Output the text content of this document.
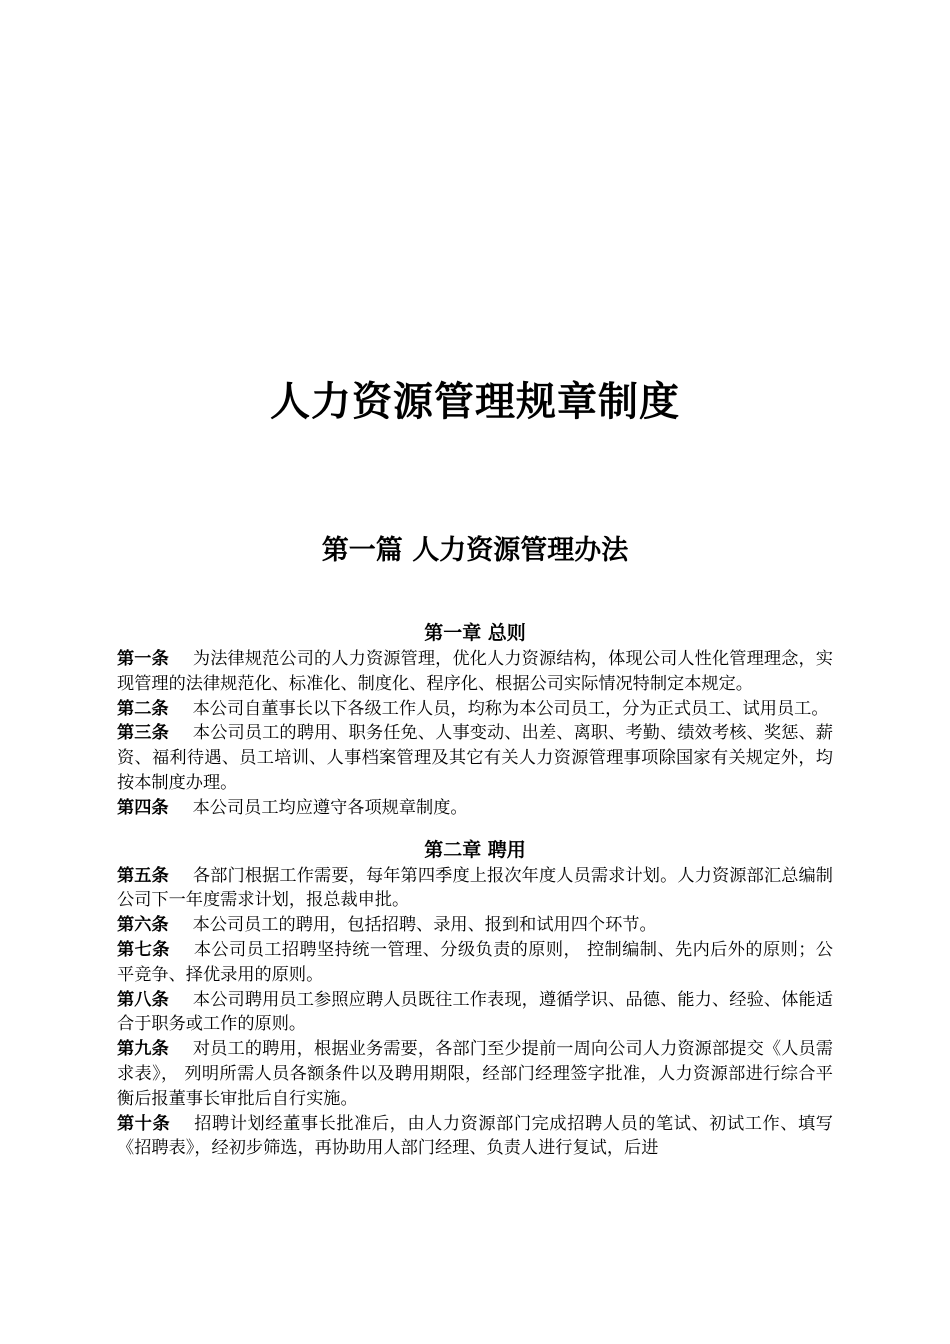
人力资源管理规章制度
第一篇 人力资源管理办法
第一章 总则

第一条 为法律规范公司的人力资源管理，优化人力资源结构，体现公司人性化管理理念，实现管理的法律规范化、标准化、制度化、程序化、根据公司实际情况特制定本规定。

第二条 本公司自董事长以下各级工作人员，均称为本公司员工，分为正式员工、试用员工。

第三条 本公司员工的聘用、职务任免、人事变动、出差、离职、考勤、绩效考核、奖惩、薪资、福利待遇、员工培训、人事档案管理及其它有关人力资源管理事项除国家有关规定外，均按本制度办理。

第四条 本公司员工均应遵守各项规章制度。

第二章 聘用

第五条 各部门根据工作需要，每年第四季度上报次年度人员需求计划。人力资源部汇总编制公司下一年度需求计划，报总裁申批。

第六条 本公司员工的聘用，包括招聘、录用、报到和试用四个环节。

第七条 本公司员工招聘坚持统一管理、分级负责的原则， 控制编制、先内后外的原则；公平竞争、择优录用的原则。

第八条 本公司聘用员工参照应聘人员既往工作表现，遵循学识、品德、能力、经验、体能适合于职务或工作的原则。

第九条 对员工的聘用，根据业务需要，各部门至少提前一周向公司人力资源部提交《人员需求表》， 列明所需人员各额条件以及聘用期限，经部门经理签字批准，人力资源部进行综合平衡后报董事长审批后自行实施。

第十条 招聘计划经董事长批准后，由人力资源部门完成招聘人员的笔试、初试工作、填写《招聘表》，经初步筛选，再协助用人部门经理、负责人进行复试，后进
